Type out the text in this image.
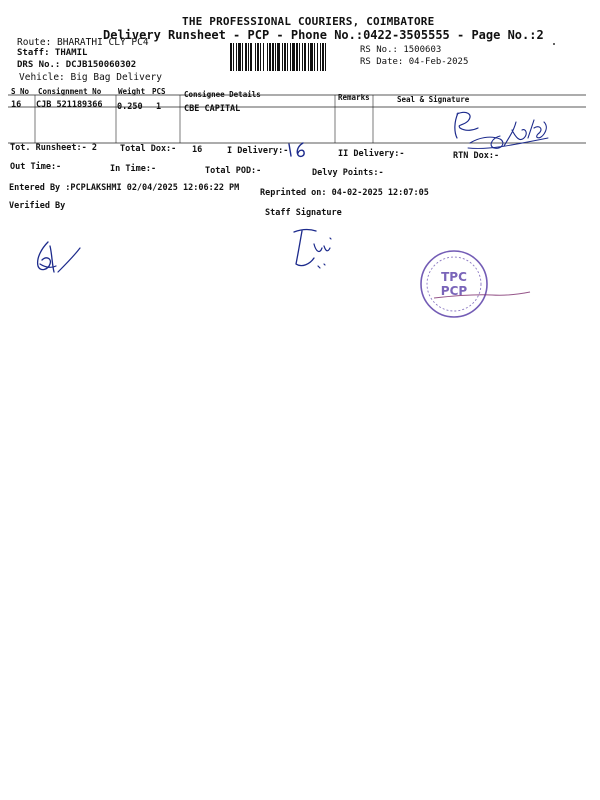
THE PROFESSIONAL COURIERS, COIMBATORE
Delivery Runsheet - PCP - Phone No.:0422-3505555 - Page No.:2
Route: BHARATHI CLY PC4
Staff: THAMIL
DRS No.: DCJB150060302
Vehicle: Big Bag Delivery
RS No.: 1500603
RS Date: 04-Feb-2025
S No Consignment No Weight PCS Consignee Details	Remarks	Seal & Signature
16 CJB 521189366 0.250 1	CBE CAPITAL
Tot. Runsheet:- 2	Total Dox:- 16	I Delivery:-	II Delivery:-	RTN Dox:-
Out Time:-	In Time:-	Total POD:-	Delvy Points:-
Entered By :PCPLAKSHMI 02/04/2025 12:06:22 PM Reprinted on: 04-02-2025 12:07:05
Verified By
Staff Signature
TPC
PCP
